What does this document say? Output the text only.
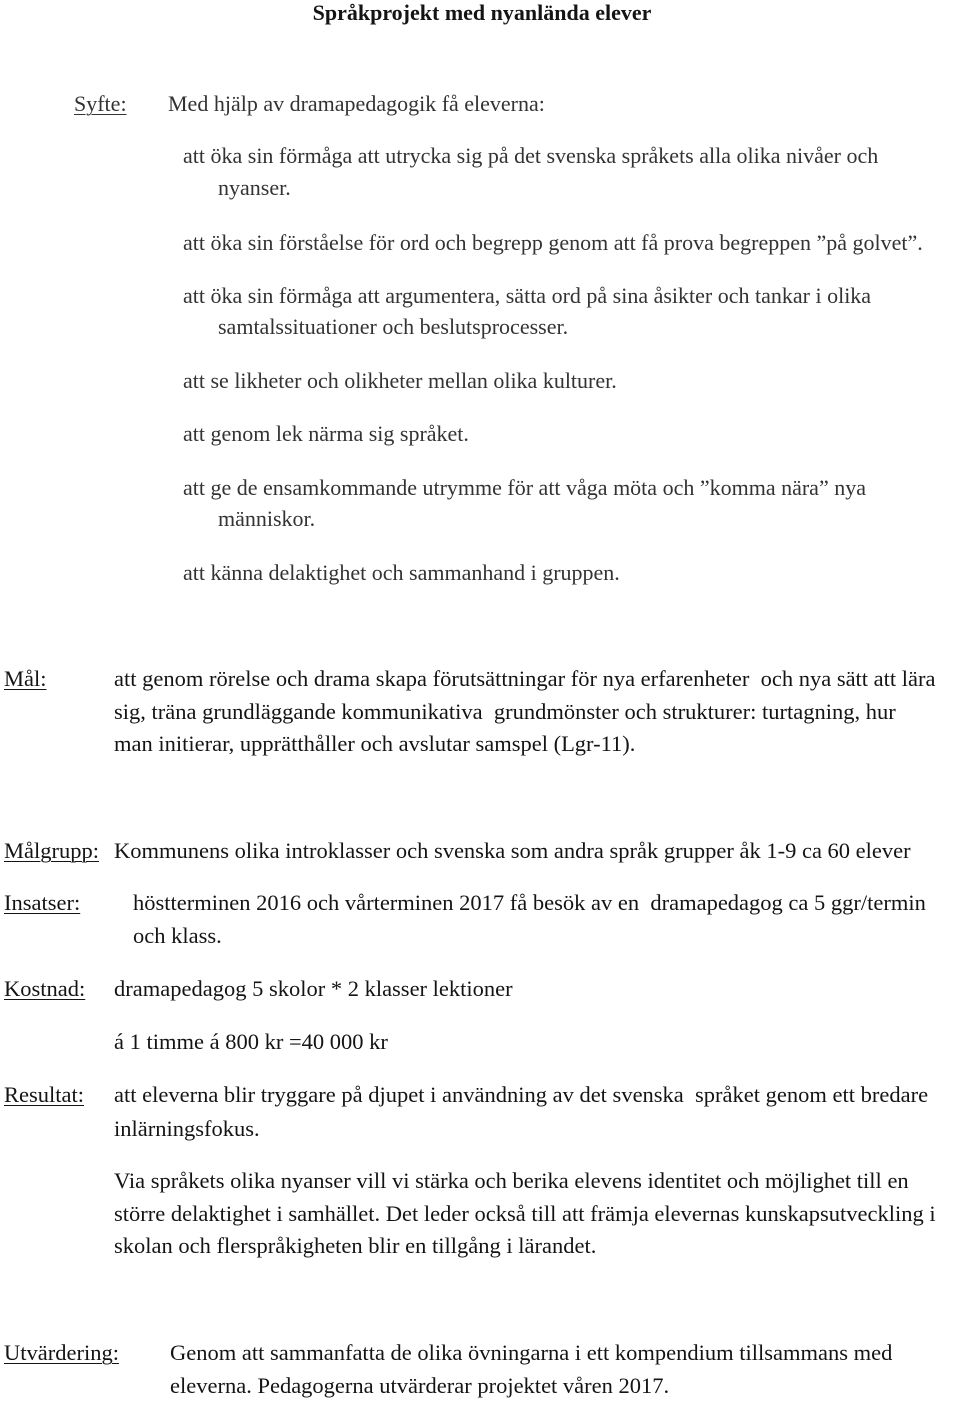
Språkprojekt med nyanlända elever
Syfte: Med hjälp av dramapedagogik få eleverna:
att öka sin förmåga att utrycka sig på det svenska språkets alla olika nivåer och
nyanser.
att öka sin förståelse för ord och begrepp genom att få prova begreppen ”på golvet”.
att öka sin förmåga att argumentera, sätta ord på sina åsikter och tankar i olika
samtalssituationer och beslutsprocesser.
att se likheter och olikheter mellan olika kulturer.
att genom lek närma sig språket.
att ge de ensamkommande utrymme för att våga möta och ”komma nära” nya
människor.
att känna delaktighet och sammanhand i gruppen.
Mål:	att genom rörelse och drama skapa förutsättningar för nya erfarenheter  och nya sätt att lära
sig, träna grundläggande kommunikativa  grundmönster och strukturer: turtagning, hur
man initierar, upprätthåller och avslutar samspel (Lgr-11).
Målgrupp: Kommunens olika introklasser och svenska som andra språk grupper åk 1-9 ca 60 elever
Insatser: höstterminen 2016 och vårterminen 2017 få besök av en  dramapedagog ca 5 ggr/termin
och klass.
Kostnad: dramapedagog 5 skolor * 2 klasser lektioner
á 1 timme á 800 kr =40 000 kr
Resultat: att eleverna blir tryggare på djupet i användning av det svenska  språket genom ett bredare
inlärningsfokus.
Via språkets olika nyanser vill vi stärka och berika elevens identitet och möjlighet till en
större delaktighet i samhället. Det leder också till att främja elevernas kunskapsutveckling i
skolan och flerspråkigheten blir en tillgång i lärandet.
Utvärdering: Genom att sammanfatta de olika övningarna i ett kompendium tillsammans med
eleverna. Pedagogerna utvärderar projektet våren 2017.
